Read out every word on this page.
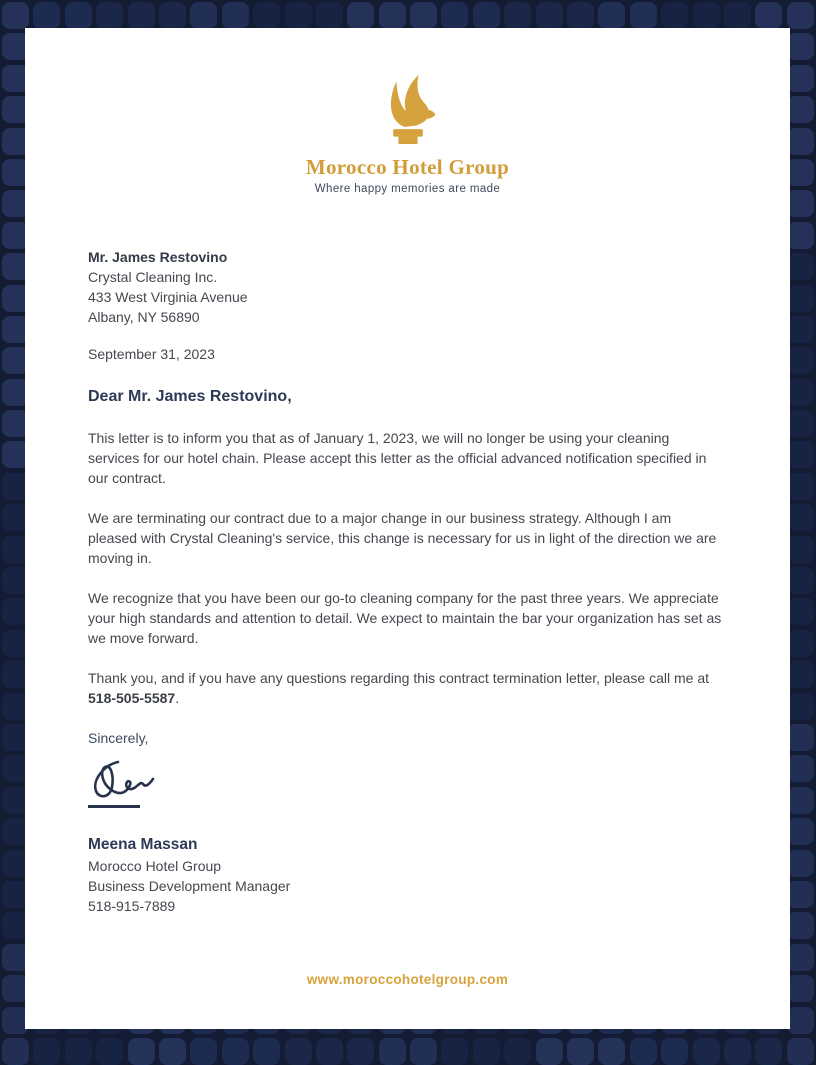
Morocco Hotel Group
Where happy memories are made
Mr. James Restovino
Crystal Cleaning Inc.
433 West Virginia Avenue
Albany, NY 56890
September 31, 2023
Dear Mr. James Restovino,

This letter is to inform you that as of January 1, 2023, we will no longer be using your cleaning services for our hotel chain. Please accept this letter as the official advanced notification specified in our contract.

We are terminating our contract due to a major change in our business strategy. Although I am pleased with Crystal Cleaning's service, this change is necessary for us in light of the direction we are moving in.

We recognize that you have been our go-to cleaning company for the past three years. We appreciate your high standards and attention to detail. We expect to maintain the bar your organization has set as we move forward.

Thank you, and if you have any questions regarding this contract termination letter, please call me at 518-505-5587.

Sincerely,
Meena Massan
Morocco Hotel Group
Business Development Manager
518-915-7889
www.moroccohotelgroup.com
